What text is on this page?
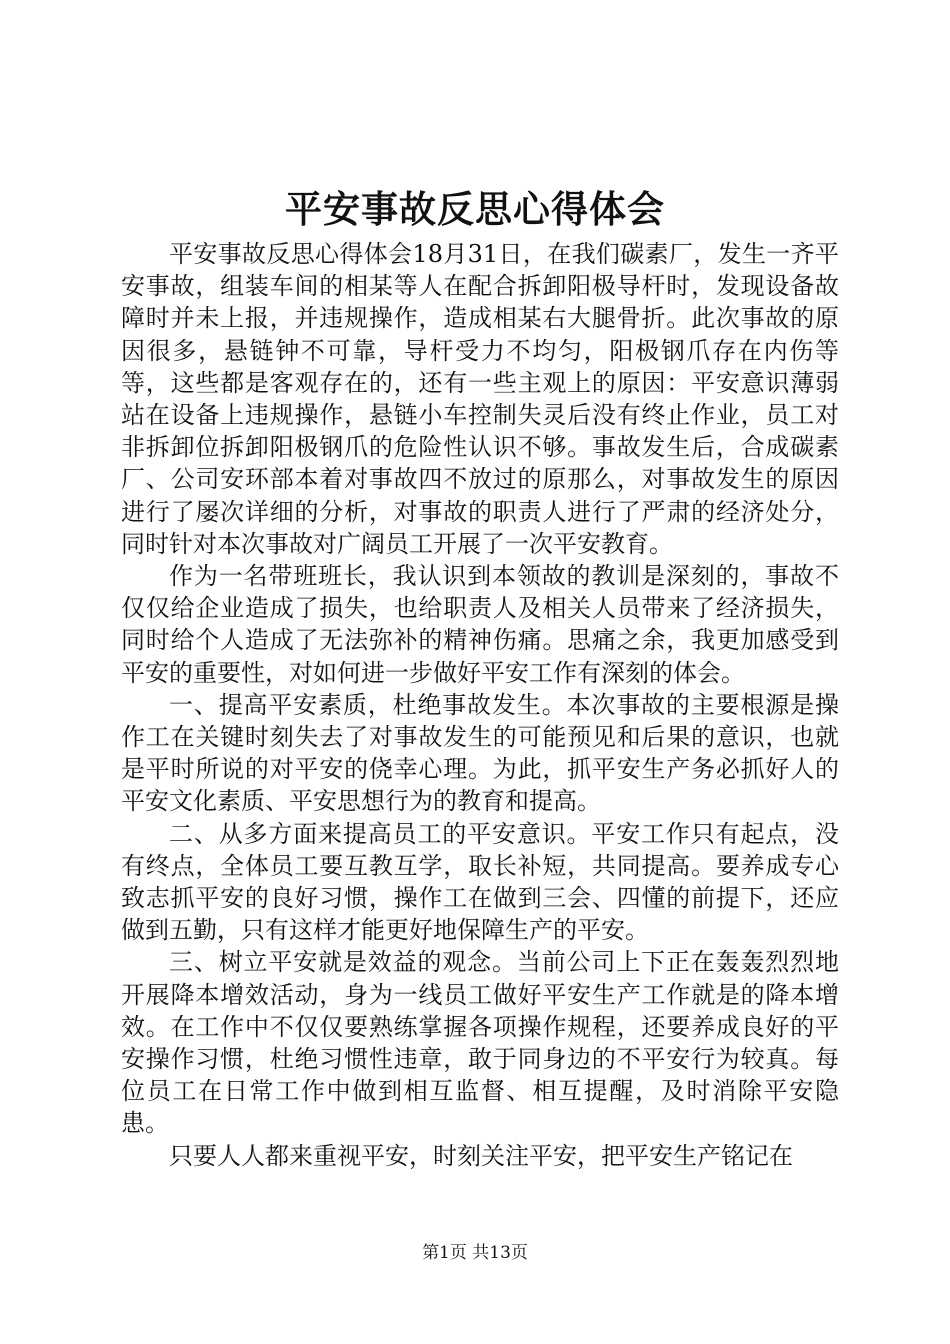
平安事故反思心得体会

平安事故反思心得体会18月31日，在我们碳素厂，发生一齐平安事故，组装车间的相某等人在配合拆卸阳极导杆时，发现设备故障时并未上报，并违规操作，造成相某右大腿骨折。此次事故的原因很多，悬链钟不可靠，导杆受力不均匀，阳极钢爪存在内伤等等，这些都是客观存在的，还有一些主观上的原因：平安意识薄弱站在设备上违规操作，悬链小车控制失灵后没有终止作业，员工对非拆卸位拆卸阳极钢爪的危险性认识不够。事故发生后，合成碳素厂、公司安环部本着对事故四不放过的原那么，对事故发生的原因进行了屡次详细的分析，对事故的职责人进行了严肃的经济处分，同时针对本次事故对广阔员工开展了一次平安教育。

作为一名带班班长，我认识到本领故的教训是深刻的，事故不仅仅给企业造成了损失，也给职责人及相关人员带来了经济损失，同时给个人造成了无法弥补的精神伤痛。思痛之余，我更加感受到平安的重要性，对如何进一步做好平安工作有深刻的体会。

一、提高平安素质，杜绝事故发生。本次事故的主要根源是操作工在关键时刻失去了对事故发生的可能预见和后果的意识，也就是平时所说的对平安的侥幸心理。为此，抓平安生产务必抓好人的平安文化素质、平安思想行为的教育和提高。

二、从多方面来提高员工的平安意识。平安工作只有起点，没有终点，全体员工要互教互学，取长补短，共同提高。要养成专心致志抓平安的良好习惯，操作工在做到三会、四懂的前提下，还应做到五勤，只有这样才能更好地保障生产的平安。

三、树立平安就是效益的观念。当前公司上下正在轰轰烈烈地开展降本增效活动，身为一线员工做好平安生产工作就是的降本增效。在工作中不仅仅要熟练掌握各项操作规程，还要养成良好的平安操作习惯，杜绝习惯性违章，敢于同身边的不平安行为较真。每位员工在日常工作中做到相互监督、相互提醒，及时消除平安隐患。

只要人人都来重视平安，时刻关注平安，把平安生产铭记在

第1页 共13页
